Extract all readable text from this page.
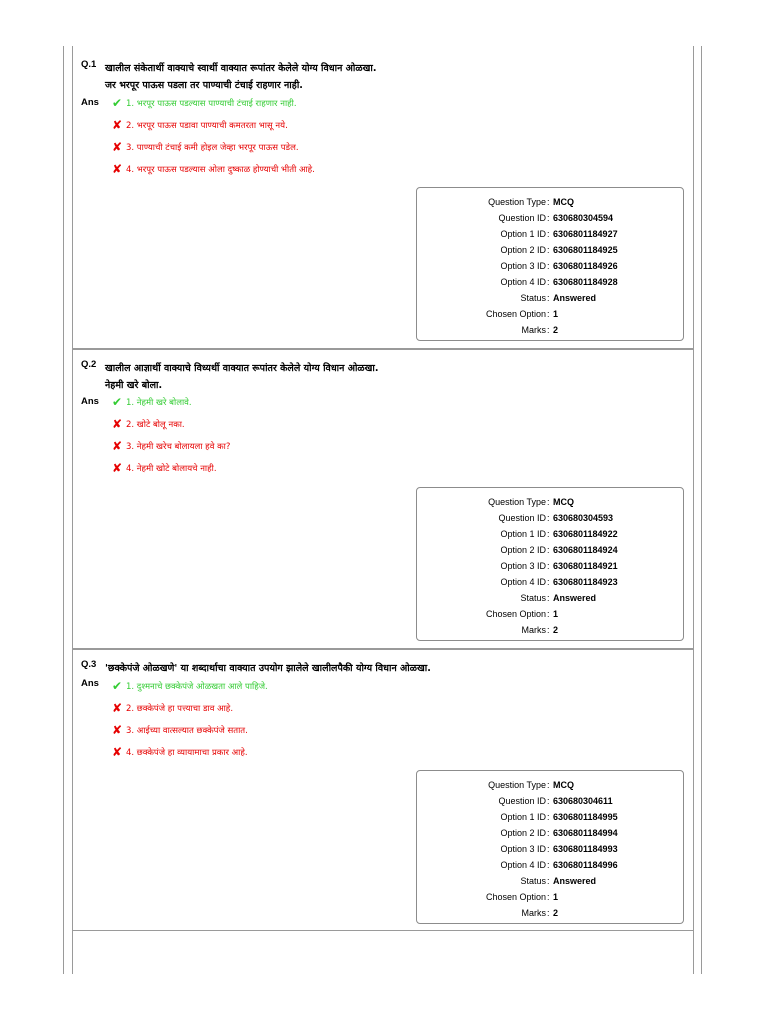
Q.1 खालील संकेतार्थी वाक्याचे स्वार्थी वाक्यात रूपांतर केलेले योग्य विधान ओळखा.
जर भरपूर पाऊस पडला तर पाण्याची टंचाई राहणार नाही.
Ans ✔ 1. भरपूर पाऊस पडल्यास पाण्याची टंचाई राहणार नाही.
✘ 2. भरपूर पाऊस पडावा पाण्याची कमतरता भासू नये.
✘ 3. पाण्याची टंचाई कमी होइल जेव्हा भरपूर पाऊस पडेल.
✘ 4. भरपूर पाऊस पडल्यास ओला दुष्काळ होण्याची भीती आहे.
Question Type : MCQ
Question ID : 630680304594
Option 1 ID : 6306801184927
Option 2 ID : 6306801184925
Option 3 ID : 6306801184926
Option 4 ID : 6306801184928
Status : Answered
Chosen Option : 1
Marks : 2
Q.2 खालील आज्ञार्थी वाक्याचे विध्यर्थी वाक्यात रूपांतर केलेले योग्य विधान ओळखा.
नेहमी खरे बोला.
Ans ✔ 1. नेहमी खरे बोलावे.
✘ 2. खोटे बोलू नका.
✘ 3. नेहमी खरेच बोलायला हवे का?
✘ 4. नेहमी खोटे बोलायचे नाही.
Question Type : MCQ
Question ID : 630680304593
Option 1 ID : 6306801184922
Option 2 ID : 6306801184924
Option 3 ID : 6306801184921
Option 4 ID : 6306801184923
Status : Answered
Chosen Option : 1
Marks : 2
Q.3 'छक्केपंजे ओळखणे' या शब्दार्थाचा वाक्यात उपयोग झालेले खालीलपैकी योग्य विधान ओळखा.
Ans ✔ 1. दुश्मनाचे छक्केपंजे ओळखता आले पाहिजे.
✘ 2. छक्केपंजे हा पत्त्याचा डाव आहे.
✘ 3. आईच्या वात्सल्यात छक्केपंजे सतात.
✘ 4. छक्केपंजे हा व्यायामाचा प्रकार आहे.
Question Type : MCQ
Question ID : 630680304611
Option 1 ID : 6306801184995
Option 2 ID : 6306801184994
Option 3 ID : 6306801184993
Option 4 ID : 6306801184996
Status : Answered
Chosen Option : 1
Marks : 2
